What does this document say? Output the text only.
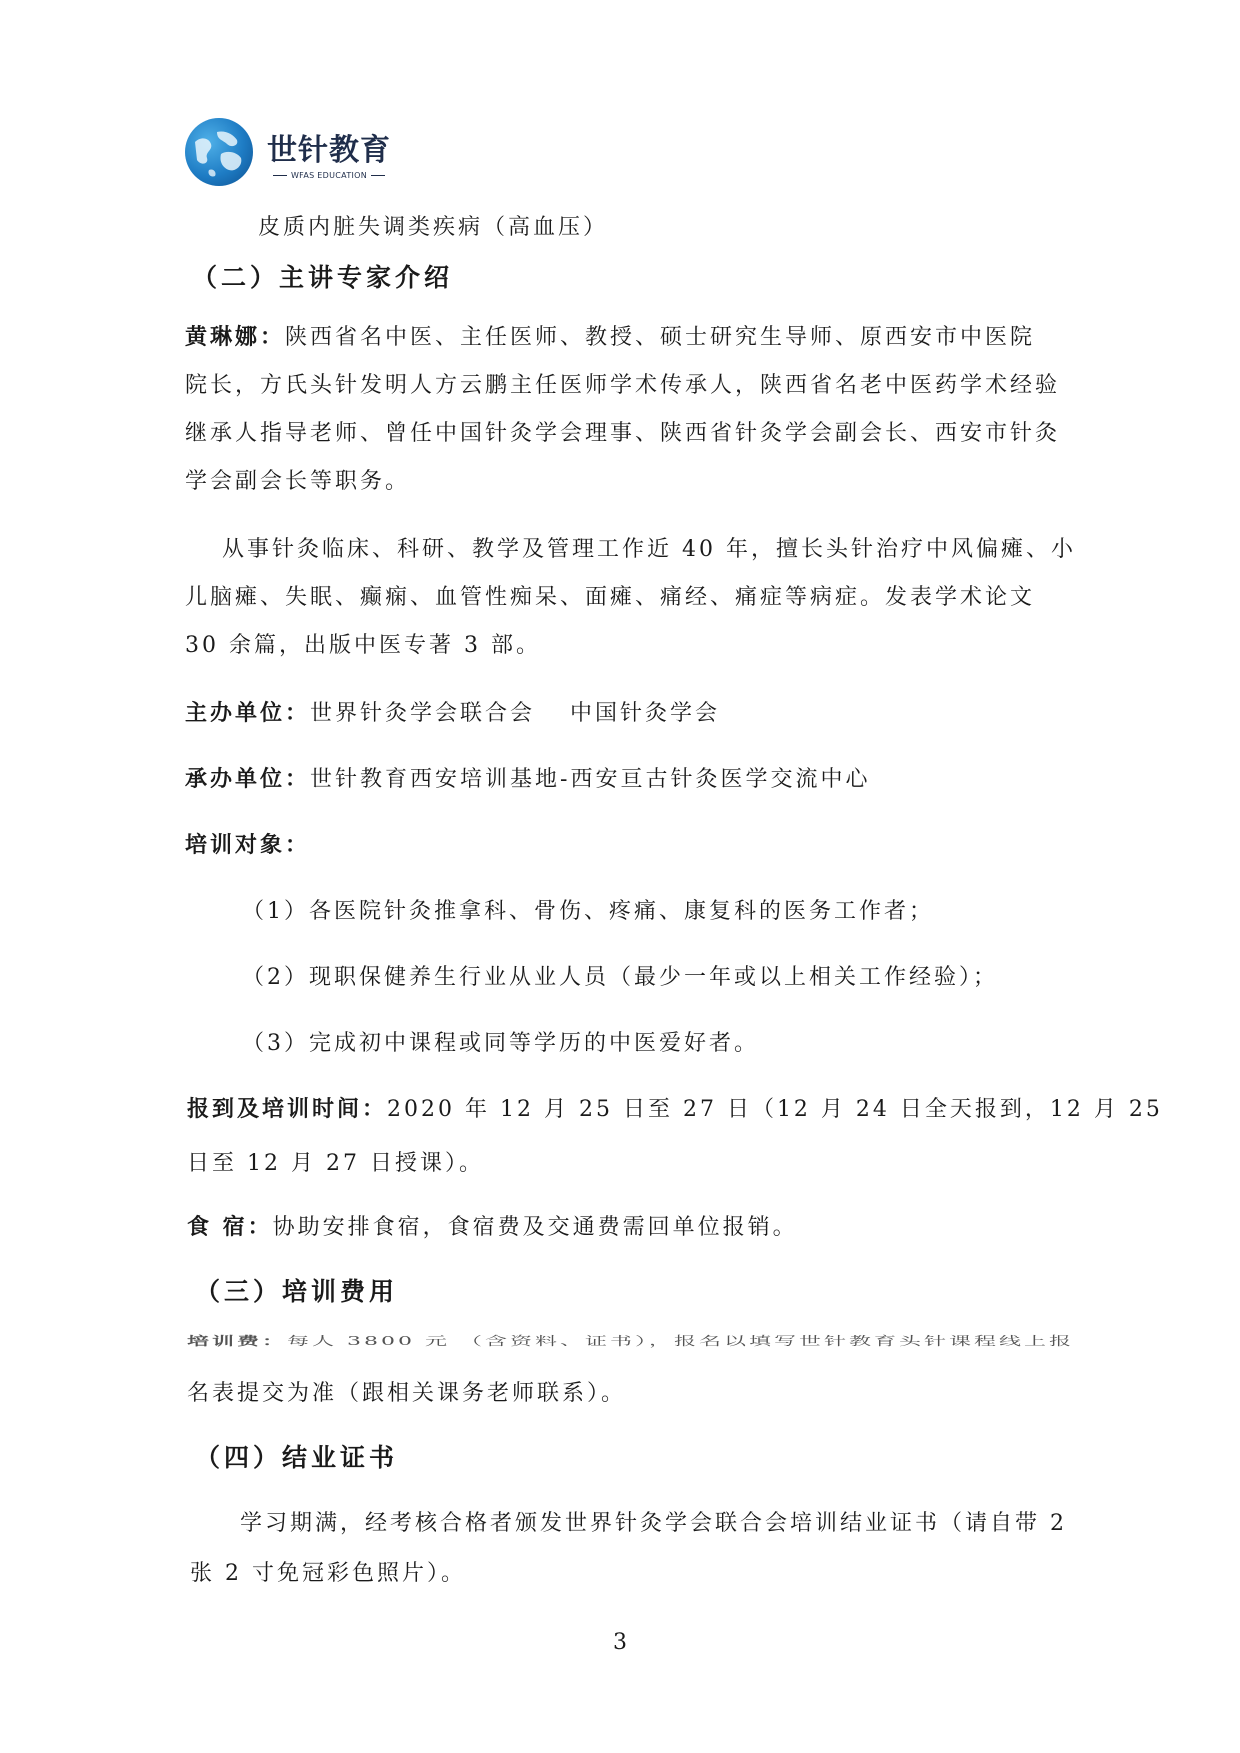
世针教育
WFAS EDUCATION
皮质内脏失调类疾病（高血压）
（二）主讲专家介绍
黄琳娜：陕西省名中医、主任医师、教授、硕士研究生导师、原西安市中医院
院长，方氏头针发明人方云鹏主任医师学术传承人，陕西省名老中医药学术经验
继承人指导老师、曾任中国针灸学会理事、陕西省针灸学会副会长、西安市针灸
学会副会长等职务。
从事针灸临床、科研、教学及管理工作近 40 年，擅长头针治疗中风偏瘫、小
儿脑瘫、失眠、癫痫、血管性痴呆、面瘫、痛经、痛症等病症。发表学术论文
30 余篇，出版中医专著 3 部。
主办单位：世界针灸学会联合会　 中国针灸学会
承办单位：世针教育西安培训基地-西安亘古针灸医学交流中心
培训对象：
（1）各医院针灸推拿科、骨伤、疼痛、康复科的医务工作者；
（2）现职保健养生行业从业人员（最少一年或以上相关工作经验）；
（3）完成初中课程或同等学历的中医爱好者。
报到及培训时间：2020 年 12 月 25 日至 27 日（12 月 24 日全天报到，12 月 25
日至 12 月 27 日授课）。
食 宿：协助安排食宿，食宿费及交通费需回单位报销。
（三）培训费用
培训费：每人 3800 元 （含资料、证书），报名以填写世针教育头针课程线上报
名表提交为准（跟相关课务老师联系）。
（四）结业证书
学习期满，经考核合格者颁发世界针灸学会联合会培训结业证书（请自带 2
张 2 寸免冠彩色照片）。
3
